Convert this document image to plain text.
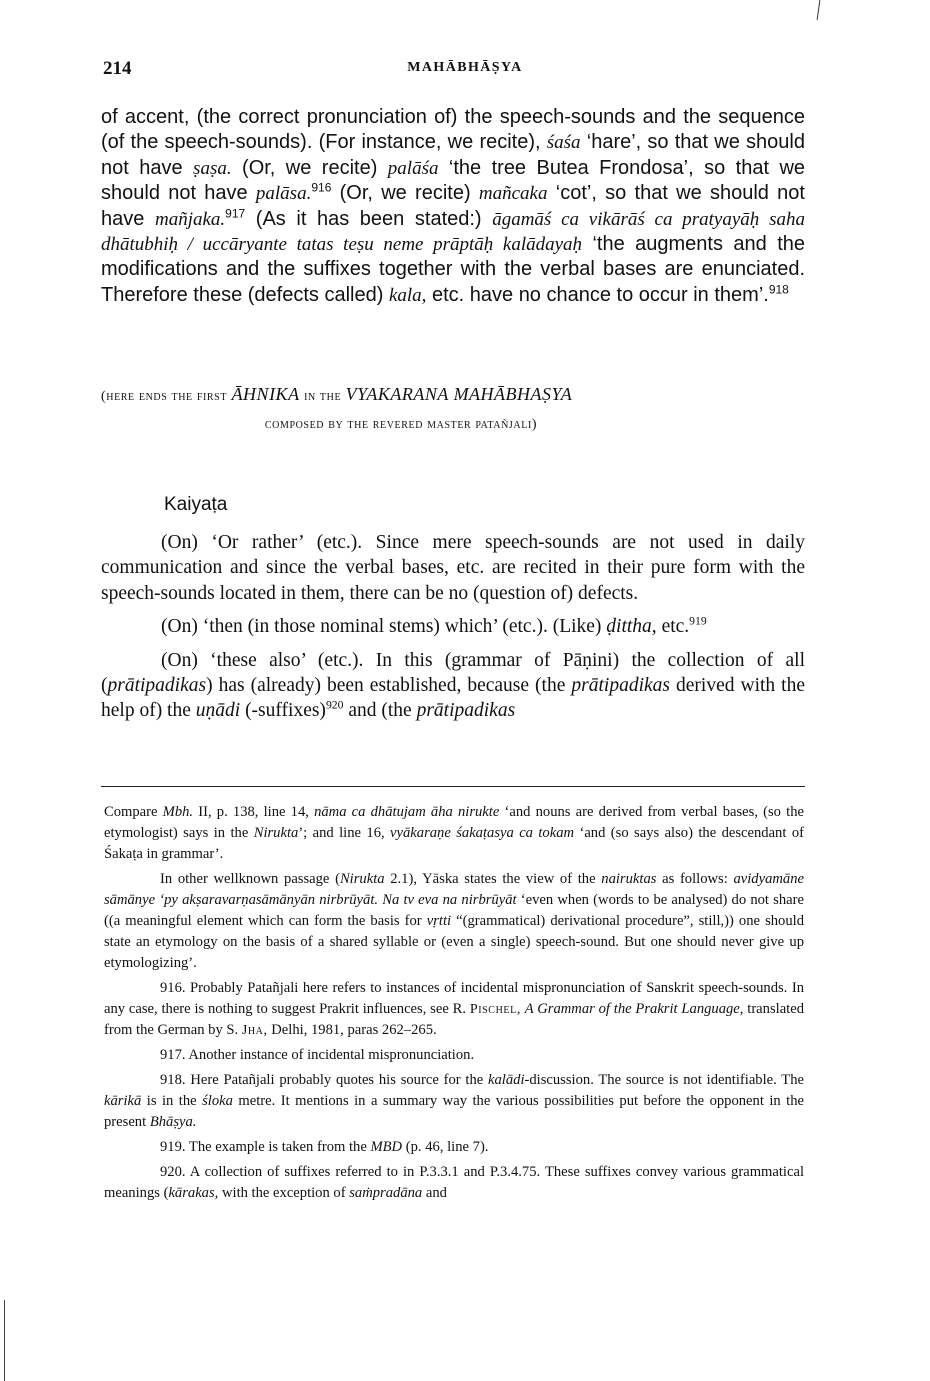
214	MAHĀBHĀṢYA

of accent, (the correct pronunciation of) the speech-sounds and the sequence (of the speech-sounds). (For instance, we recite), śaśa ‘hare’, so that we should not have ṣaṣa. (Or, we recite) palāśa ‘the tree Butea Frondosa’, so that we should not have palāsa.$^{916}$ (Or, we recite) mañcaka ‘cot’, so that we should not have mañjaka.$^{917}$ (As it has been stated:) āgamāś ca vikārāś ca pratyayāḥ saha dhātubhiḥ / uccāryante tatas teṣu neme prāptāḥ kalādayaḥ ‘the augments and the modifications and the suffixes together with the verbal bases are enunciated. Therefore these (defects called) kala, etc. have no chance to occur in them’.$^{918}$

(here ends the first ĀHNIKA in the VYAKARANA MAHĀBHAṢYA
composed by the revered master patañjali)
Kaiyaṭa

(On) ‘Or rather’ (etc.). Since mere speech-sounds are not used in daily communication and since the verbal bases, etc. are recited in their pure form with the speech-sounds located in them, there can be no (question of) defects.

(On) ‘then (in those nominal stems) which’ (etc.). (Like) ḍittha, etc.$^{919}$

(On) ‘these also’ (etc.). In this (grammar of Pāṇini) the collection of all (prātipadikas) has (already) been established, because (the prātipadikas derived with the help of) the uṇādi (-suffixes)$^{920}$ and (the prātipadikas

Compare Mbh. II, p. 138, line 14, nāma ca dhātujam āha nirukte ‘and nouns are derived from verbal bases, (so the etymologist) says in the Nirukta’; and line 16, vyākaraṇe śakaṭasya ca tokam ‘and (so says also) the descendant of Śakaṭa in grammar’.

In other wellknown passage (Nirukta 2.1), Yāska states the view of the nairuktas as follows: avidyamāne sāmānye ‘py akṣaravarṇasāmānyān nirbrūyāt. Na tv eva na nirbrūyāt ‘even when (words to be analysed) do not share ((a meaningful element which can form the basis for vṛtti “(grammatical) derivational procedure”, still,)) one should state an etymology on the basis of a shared syllable or (even a single) speech-sound. But one should never give up etymologizing’.

916. Probably Patañjali here refers to instances of incidental mispronunciation of Sanskrit speech-sounds. In any case, there is nothing to suggest Prakrit influences, see R. Pischel, A Grammar of the Prakrit Language, translated from the German by S. Jha, Delhi, 1981, paras 262–265.

917. Another instance of incidental mispronunciation.

918. Here Patañjali probably quotes his source for the kalādi-discussion. The source is not identifiable. The kārikā is in the śloka metre. It mentions in a summary way the various possibilities put before the opponent in the present Bhāṣya.

919. The example is taken from the MBD (p. 46, line 7).

920. A collection of suffixes referred to in P.3.3.1 and P.3.4.75. These suffixes convey various grammatical meanings (kārakas, with the exception of saṁpradāna and
